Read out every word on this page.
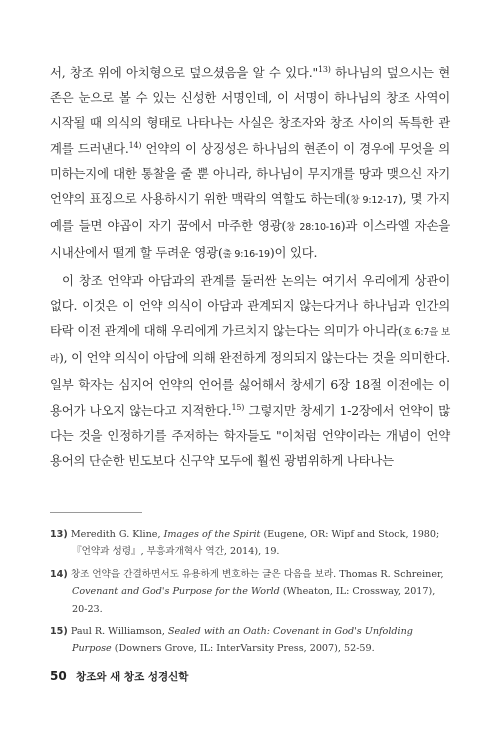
서, 창조 위에 아치형으로 덮으셨음을 알 수 있다."$^{13)}$ 하나님의 덮으시는 현존은 눈으로 볼 수 있는 신성한 서명인데, 이 서명이 하나님의 창조 사역이 시작될 때 의식의 형태로 나타나는 사실은 창조자와 창조 사이의 독특한 관계를 드러낸다.$^{14)}$ 언약의 이 상징성은 하나님의 현존이 이 경우에 무엇을 의미하는지에 대한 통찰을 줄 뿐 아니라, 하나님이 무지개를 땅과 맺으신 자기 언약의 표징으로 사용하시기 위한 맥락의 역할도 하는데(창 9:12-17), 몇 가지 예를 들면 야곱이 자기 꿈에서 마주한 영광(창 28:10-16)과 이스라엘 자손을 시내산에서 떨게 할 두려운 영광(출 9:16-19)이 있다.

이 창조 언약과 아담과의 관계를 둘러싼 논의는 여기서 우리에게 상관이 없다. 이것은 이 언약 의식이 아담과 관계되지 않는다거나 하나님과 인간의 타락 이전 관계에 대해 우리에게 가르치지 않는다는 의미가 아니라(호 6:7을 보라), 이 언약 의식이 아담에 의해 완전하게 정의되지 않는다는 것을 의미한다. 일부 학자는 심지어 언약의 언어를 싫어해서 창세기 6장 18절 이전에는 이 용어가 나오지 않는다고 지적한다.$^{15)}$ 그렇지만 창세기 1-2장에서 언약이 많다는 것을 인정하기를 주저하는 학자들도 "이처럼 언약이라는 개념이 언약 용어의 단순한 빈도보다 신구약 모두에 훨씬 광범위하게 나타나는

13) Meredith G. Kline, Images of the Spirit (Eugene, OR: Wipf and Stock, 1980; 『언약과 성령』, 부흥과개혁사 역간, 2014), 19.
14) 창조 언약을 간결하면서도 유용하게 변호하는 글은 다음을 보라. Thomas R. Schreiner, Covenant and God's Purpose for the World (Wheaton, IL: Crossway, 2017), 20-23.
15) Paul R. Williamson, Sealed with an Oath: Covenant in God's Unfolding Purpose (Downers Grove, IL: InterVarsity Press, 2007), 52-59.
50 창조와 새 창조 성경신학
